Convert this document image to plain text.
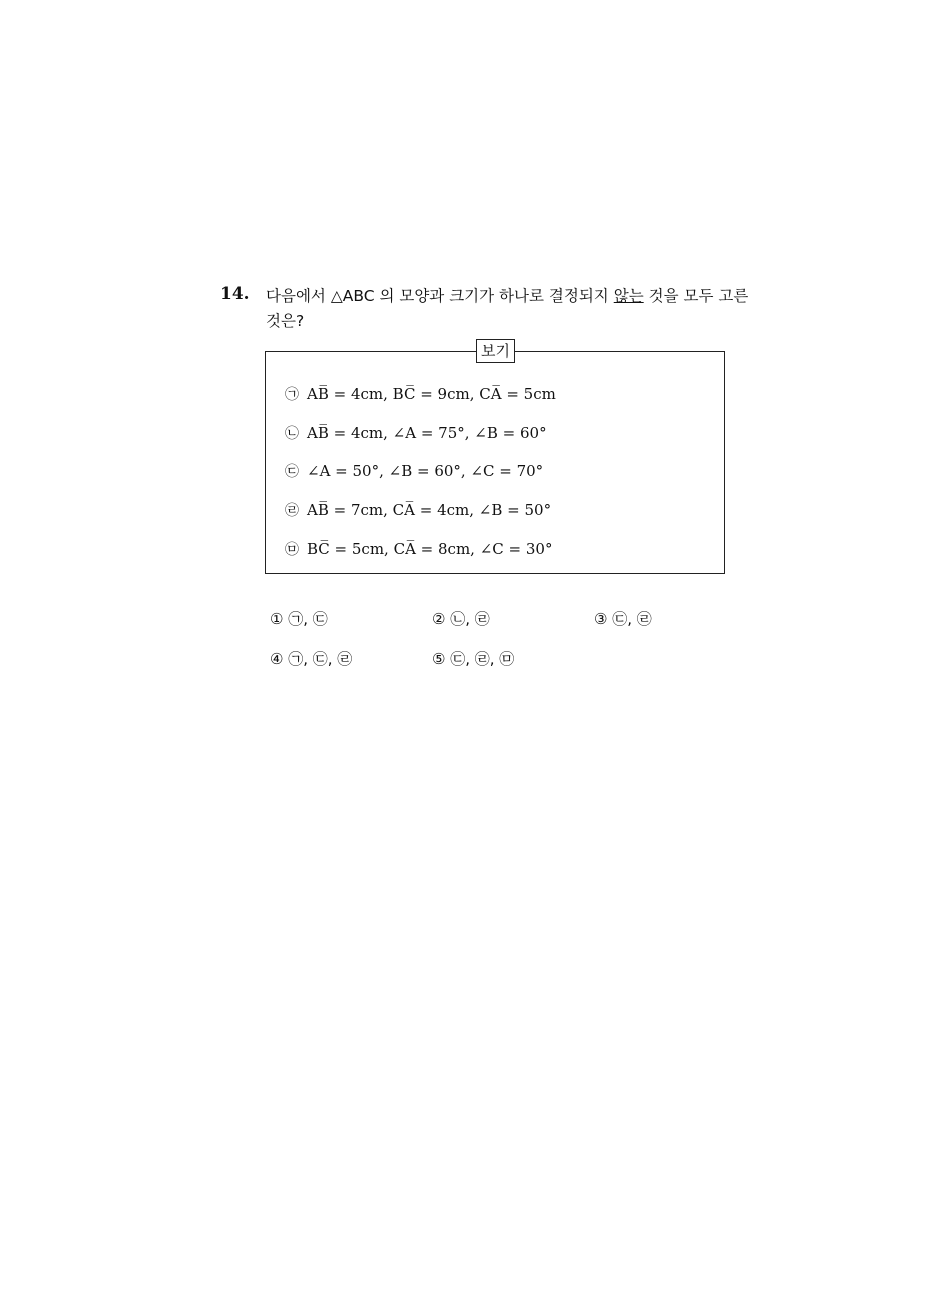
14. 다음에서 △ABC 의 모양과 크기가 하나로 결정되지 않는 것을 모두 고른 것은?
보기
㉠ AB̅ = 4cm, BC̅ = 9cm, CA̅ = 5cm
㉡ AB̅ = 4cm, ∠A = 75°, ∠B = 60°
㉢ ∠A = 50°, ∠B = 60°, ∠C = 70°
㉣ AB̅ = 7cm, CA̅ = 4cm, ∠B = 50°
㉤ BC̅ = 5cm, CA̅ = 8cm, ∠C = 30°
① ㉠, ㉢	② ㉡, ㉣	③ ㉢, ㉣
④ ㉠, ㉢, ㉣	⑤ ㉢, ㉣, ㉤
